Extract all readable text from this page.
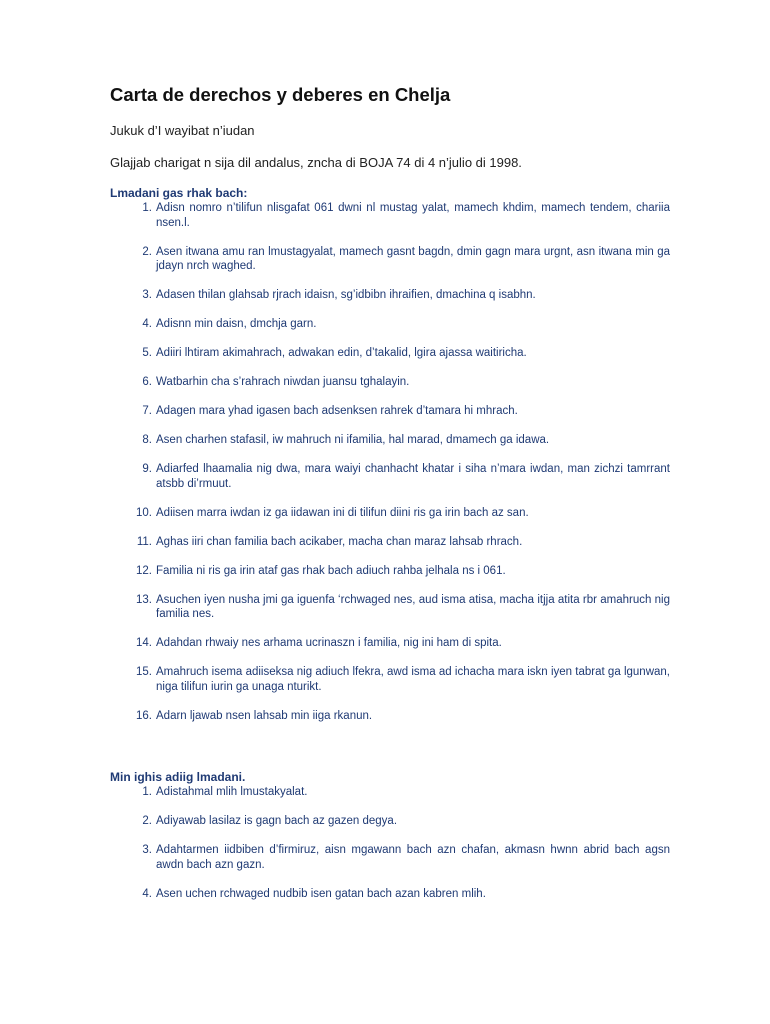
Carta de derechos y deberes en Chelja

Jukuk d’I wayibat n’iudan

Glajjab charigat n sija dil andalus, zncha di BOJA 74 di 4 n’julio di 1998.

Lmadani gas rhak bach:
1. Adisn nomro n’tilifun nlisgafat 061 dwni nl mustag yalat, mamech khdim, mamech tendem, chariia nsen.l.
2. Asen itwana amu ran lmustagyalat, mamech gasnt bagdn, dmin gagn mara urgnt, asn itwana min ga jdayn nrch waghed.
3. Adasen thilan glahsab rjrach idaisn, sg’idbibn ihraifien, dmachina q isabhn.
4. Adisnn min daisn, dmchja garn.
5. Adiiri lhtiram akimahrach, adwakan edin, d’takalid, lgira ajassa waitiricha.
6. Watbarhin cha s’rahrach niwdan juansu tghalayin.
7. Adagen mara yhad igasen bach adsenksen rahrek d’tamara hi mhrach.
8. Asen charhen stafasil, iw mahruch ni ifamilia, hal marad, dmamech ga idawa.
9. Adiarfed lhaamalia nig dwa, mara waiyi chanhacht khatar i siha n’mara iwdan, man zichzi tamrrant atsbb di’rmuut.
10. Adiisen marra iwdan iz ga iidawan ini di tilifun diini ris ga irin bach az san.
11. Aghas iiri chan familia bach acikaber, macha chan maraz lahsab rhrach.
12. Familia ni ris ga irin ataf gas rhak bach adiuch rahba jelhala ns i 061.
13. Asuchen iyen nusha jmi ga iguenfa ‘rchwaged nes, aud isma atisa, macha itjja atita rbr amahruch nig familia nes.
14. Adahdan rhwaiy nes arhama ucrinaszn i familia, nig ini ham di spita.
15. Amahruch isema adiiseksa nig adiuch lfekra, awd isma ad ichacha mara iskn iyen tabrat ga lgunwan, niga tilifun iurin ga unaga nturikt.
16. Adarn ljawab nsen lahsab min iiga rkanun.
Min ighis adiig lmadani.
1. Adistahmal mlih lmustakyalat.
2. Adiyawab lasilaz is gagn bach az gazen degya.
3. Adahtarmen iidbiben d’firmiruz, aisn mgawann bach azn chafan, akmasn hwnn abrid bach agsn awdn bach azn gazn.
4. Asen uchen rchwaged nudbib isen gatan bach azan kabren mlih.
